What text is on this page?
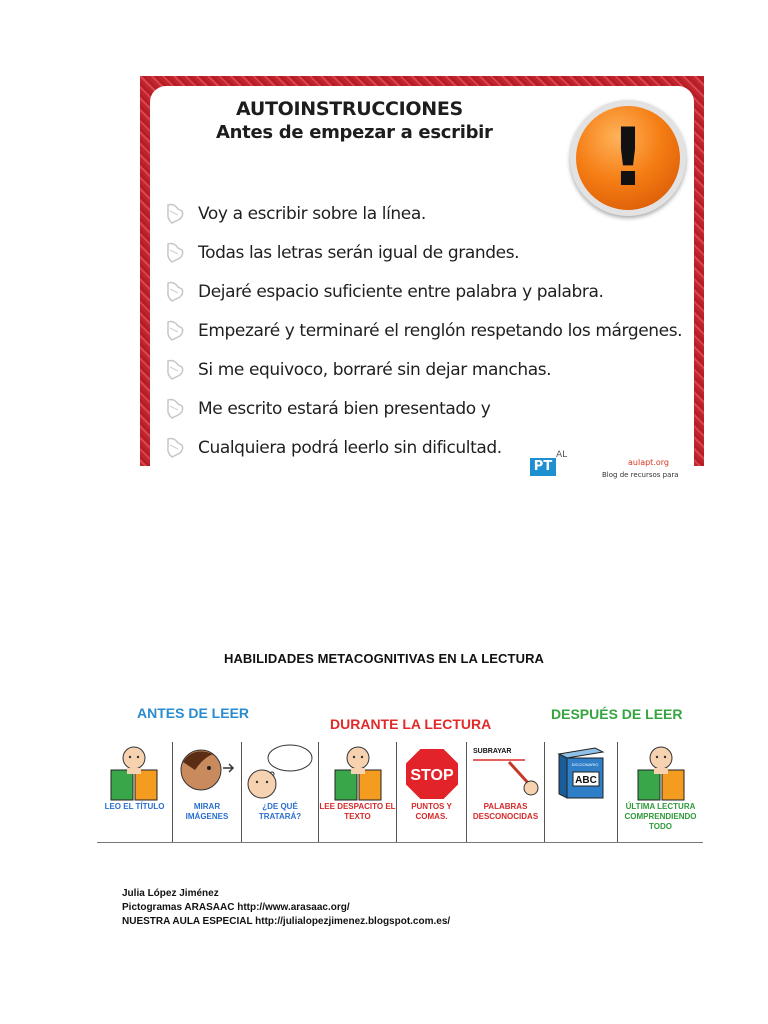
AUTOINSTRUCCIONES
Antes de empezar a escribir	!
Voy a escribir sobre la línea.
Todas las letras serán igual de grandes.
Dejaré espacio suficiente entre palabra y palabra.
Empezaré y terminaré el renglón respetando los márgenes.
Si me equivoco, borraré sin dejar manchas.
Me escrito estará bien presentado y
Cualquiera podrá leerlo sin dificultad.
PT
AL
aulapt.org
Blog de recursos para
HABILIDADES METACOGNITIVAS EN LA LECTURA
ANTES DE LEER
DURANTE LA LECTURA
DESPUÉS DE LEER
LEO EL TÍTULO	MIRAR IMÁGENES
¿DE QUÉ TRATARÁ?
LEE DESPACITO EL TEXTO
STOP
PUNTOS Y COMAS.
SUBRAYAR
PALABRAS DESCONOCIDAS
DICCIONARIO
ABC
ÚLTIMA LECTURA COMPRENDIENDO TODO
Julia López Jiménez
Pictogramas ARASAAC http://www.arasaac.org/
NUESTRA AULA ESPECIAL http://julialopezjimenez.blogspot.com.es/
